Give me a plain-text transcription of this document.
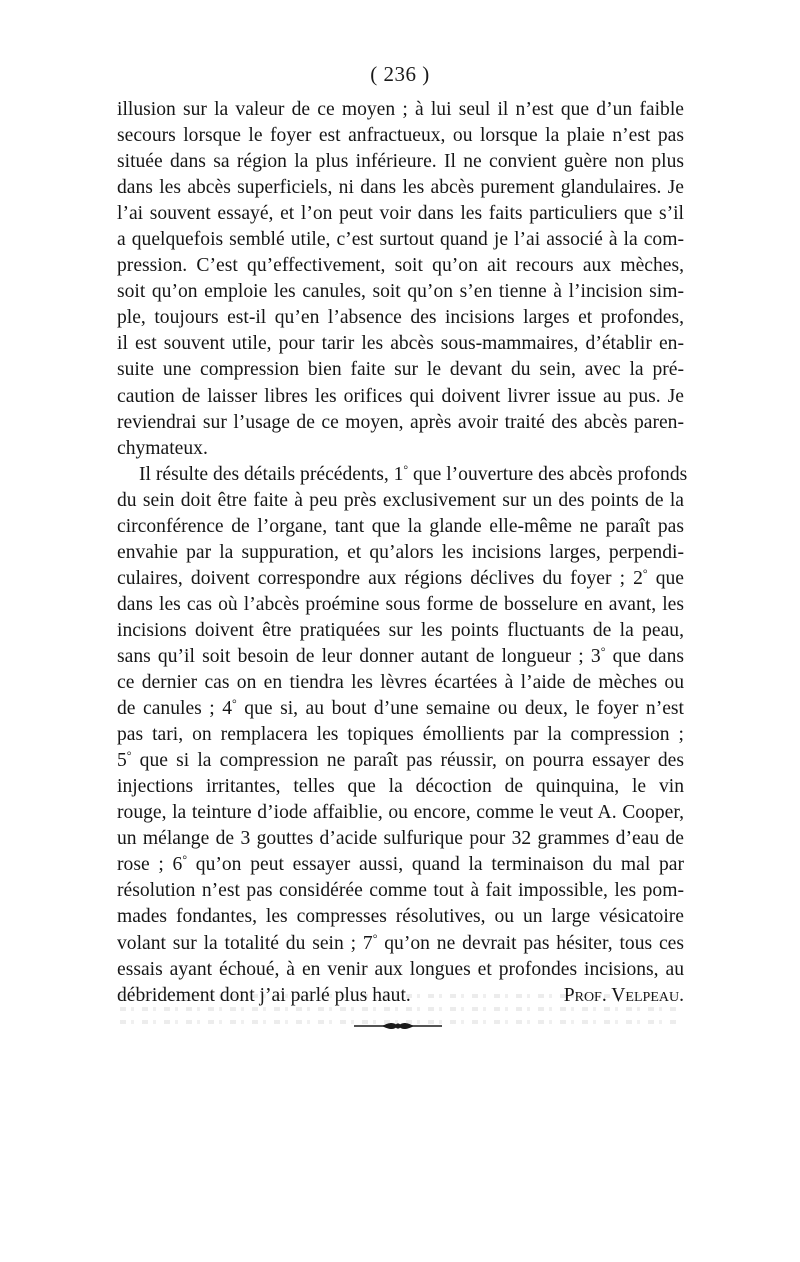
( 236 )
illusion sur la valeur de ce moyen ; à lui seul il n’est que d’un faible
secours lorsque le foyer est anfractueux, ou lorsque la plaie n’est pas
située dans sa région la plus inférieure. Il ne convient guère non plus
dans les abcès superficiels, ni dans les abcès purement glandulaires. Je
l’ai souvent essayé, et l’on peut voir dans les faits particuliers que s’il
a quelquefois semblé utile, c’est surtout quand je l’ai associé à la com-
pression. C’est qu’effectivement, soit qu’on ait recours aux mèches,
soit qu’on emploie les canules, soit qu’on s’en tienne à l’incision sim-
ple, toujours est-il qu’en l’absence des incisions larges et profondes,
il est souvent utile, pour tarir les abcès sous-mammaires, d’établir en-
suite une compression bien faite sur le devant du sein, avec la pré-
caution de laisser libres les orifices qui doivent livrer issue au pus. Je
reviendrai sur l’usage de ce moyen, après avoir traité des abcès paren-
chymateux.
Il résulte des détails précédents, 1° que l’ouverture des abcès profonds
du sein doit être faite à peu près exclusivement sur un des points de la
circonférence de l’organe, tant que la glande elle-même ne paraît pas
envahie par la suppuration, et qu’alors les incisions larges, perpendi-
culaires, doivent correspondre aux régions déclives du foyer ; 2° que
dans les cas où l’abcès proémine sous forme de bosselure en avant, les
incisions doivent être pratiquées sur les points fluctuants de la peau,
sans qu’il soit besoin de leur donner autant de longueur ; 3° que dans
ce dernier cas on en tiendra les lèvres écartées à l’aide de mèches ou
de canules ; 4° que si, au bout d’une semaine ou deux, le foyer n’est
pas tari, on remplacera les topiques émollients par la compression ;
5° que si la compression ne paraît pas réussir, on pourra essayer des
injections irritantes, telles que la décoction de quinquina, le vin
rouge, la teinture d’iode affaiblie, ou encore, comme le veut A. Cooper,
un mélange de 3 gouttes d’acide sulfurique pour 32 grammes d’eau de
rose ; 6° qu’on peut essayer aussi, quand la terminaison du mal par
résolution n’est pas considérée comme tout à fait impossible, les pom-
mades fondantes, les compresses résolutives, ou un large vésicatoire
volant sur la totalité du sein ; 7° qu’on ne devrait pas hésiter, tous ces
essais ayant échoué, à en venir aux longues et profondes incisions, au
débridement dont j’ai parlé plus haut.	Prof. Velpeau.
